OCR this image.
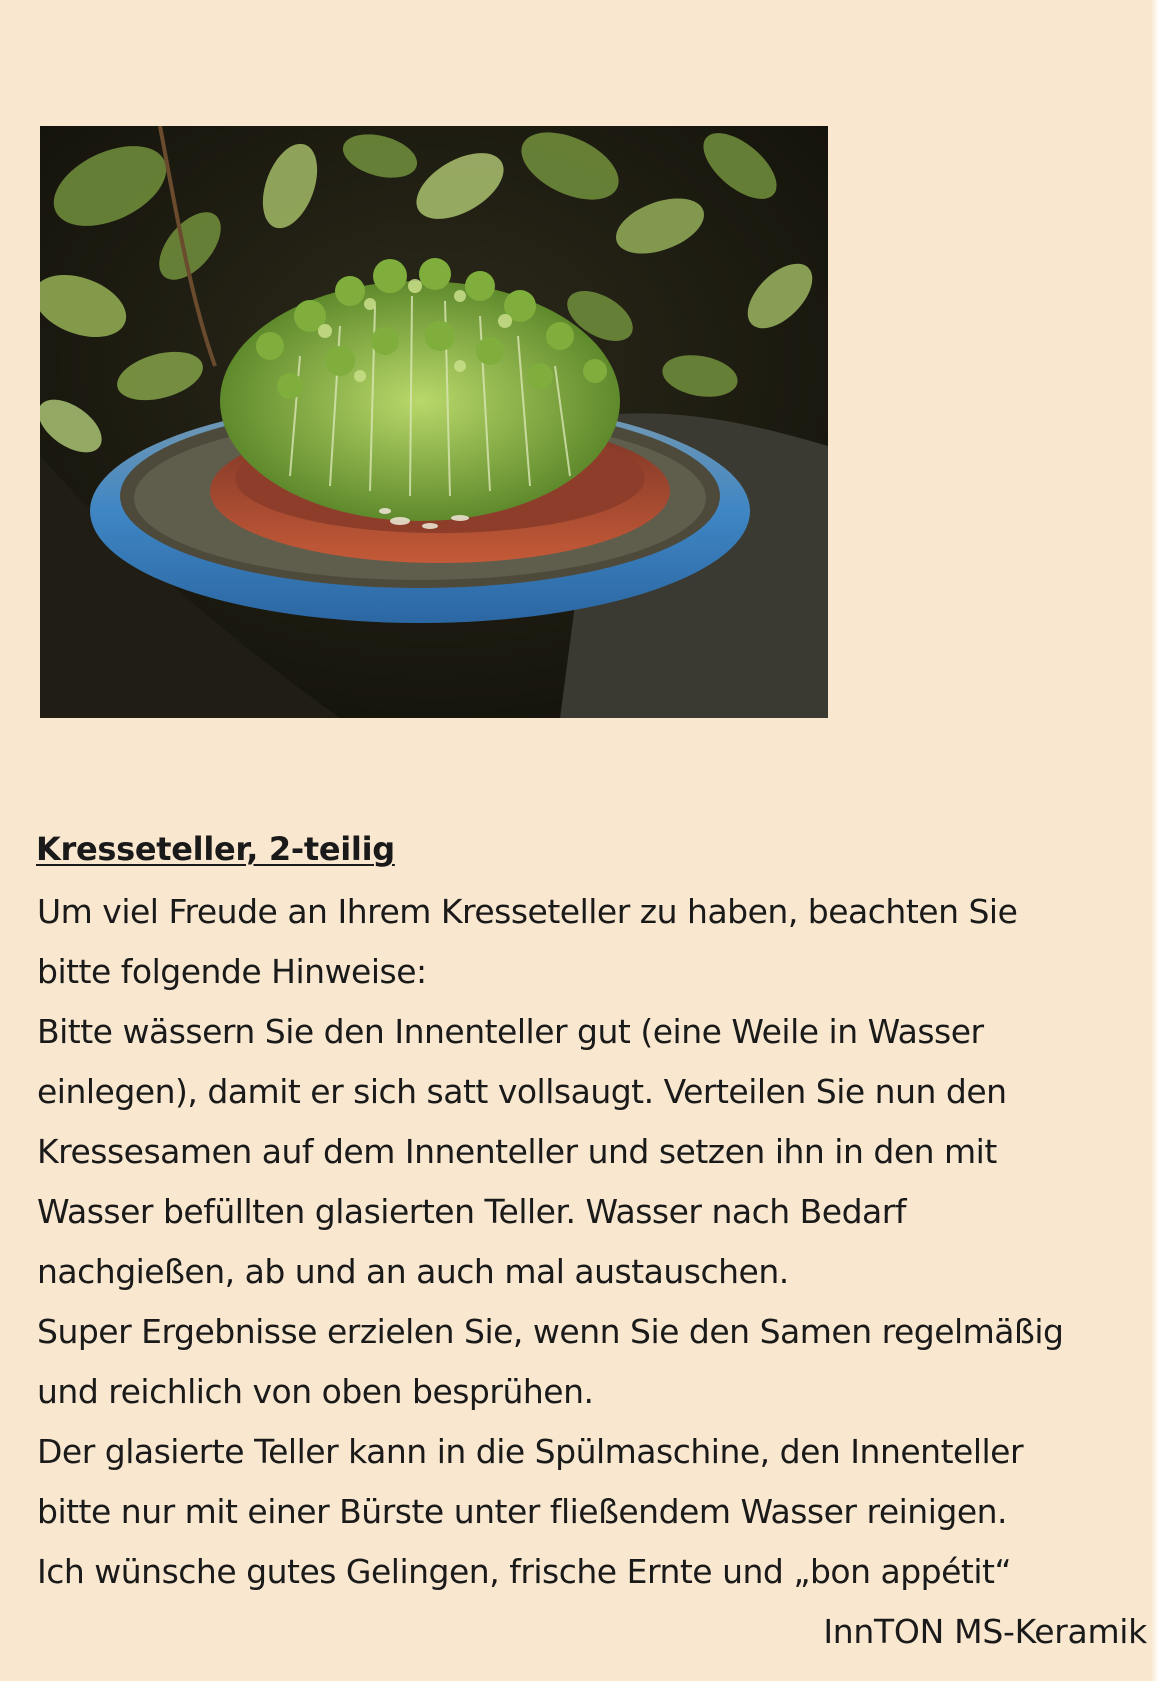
Kresseteller, 2-teilig

Um viel Freude an Ihrem Kresseteller zu haben, beachten Sie

bitte folgende Hinweise:

Bitte wässern Sie den Innenteller gut (eine Weile in Wasser

einlegen), damit er sich satt vollsaugt. Verteilen Sie nun den

Kressesamen auf dem Innenteller und setzen ihn in den mit

Wasser befüllten glasierten Teller. Wasser nach Bedarf

nachgießen, ab und an auch mal austauschen.

Super Ergebnisse erzielen Sie, wenn Sie den Samen regelmäßig

und reichlich von oben besprühen.

Der glasierte Teller kann in die Spülmaschine, den Innenteller

bitte nur mit einer Bürste unter fließendem Wasser reinigen.

Ich wünsche gutes Gelingen, frische Ernte und „bon appétit“

InnTON MS-Keramik
